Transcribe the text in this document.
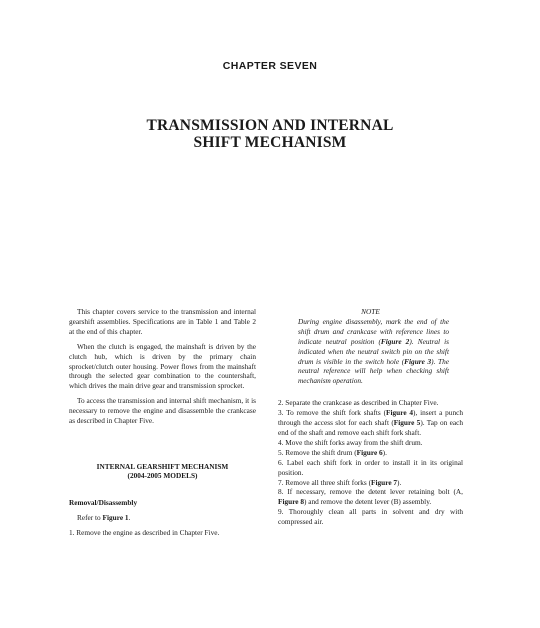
CHAPTER SEVEN
TRANSMISSION AND INTERNAL
SHIFT MECHANISM

This chapter covers service to the transmission and internal gearshift assemblies. Specifications are in Table 1 and Table 2 at the end of this chapter.

When the clutch is engaged, the mainshaft is driven by the clutch hub, which is driven by the primary chain sprocket/clutch outer housing. Power flows from the mainshaft through the selected gear combination to the countershaft, which drives the main drive gear and transmission sprocket.

To access the transmission and internal shift mechanism, it is necessary to remove the engine and disassemble the crankcase as described in Chapter Five.

INTERNAL GEARSHIFT MECHANISM
(2004-2005 MODELS)

Removal/Disassembly

Refer to Figure 1.

1. Remove the engine as described in Chapter Five.

NOTE

During engine disassembly, mark the end of the shift drum and crankcase with reference lines to indicate neutral position (Figure 2). Neutral is indicated when the neutral switch pin on the shift drum is visible in the switch hole (Figure 3). The neutral reference will help when checking shift mechanism operation.

2. Separate the crankcase as described in Chapter Five.

3. To remove the shift fork shafts (Figure 4), insert a punch through the access slot for each shaft (Figure 5). Tap on each end of the shaft and remove each shift fork shaft.

4. Move the shift forks away from the shift drum.

5. Remove the shift drum (Figure 6).

6. Label each shift fork in order to install it in its original position.

7. Remove all three shift forks (Figure 7).

8. If necessary, remove the detent lever retaining bolt (A, Figure 8) and remove the detent lever (B) assembly.

9. Thoroughly clean all parts in solvent and dry with compressed air.
